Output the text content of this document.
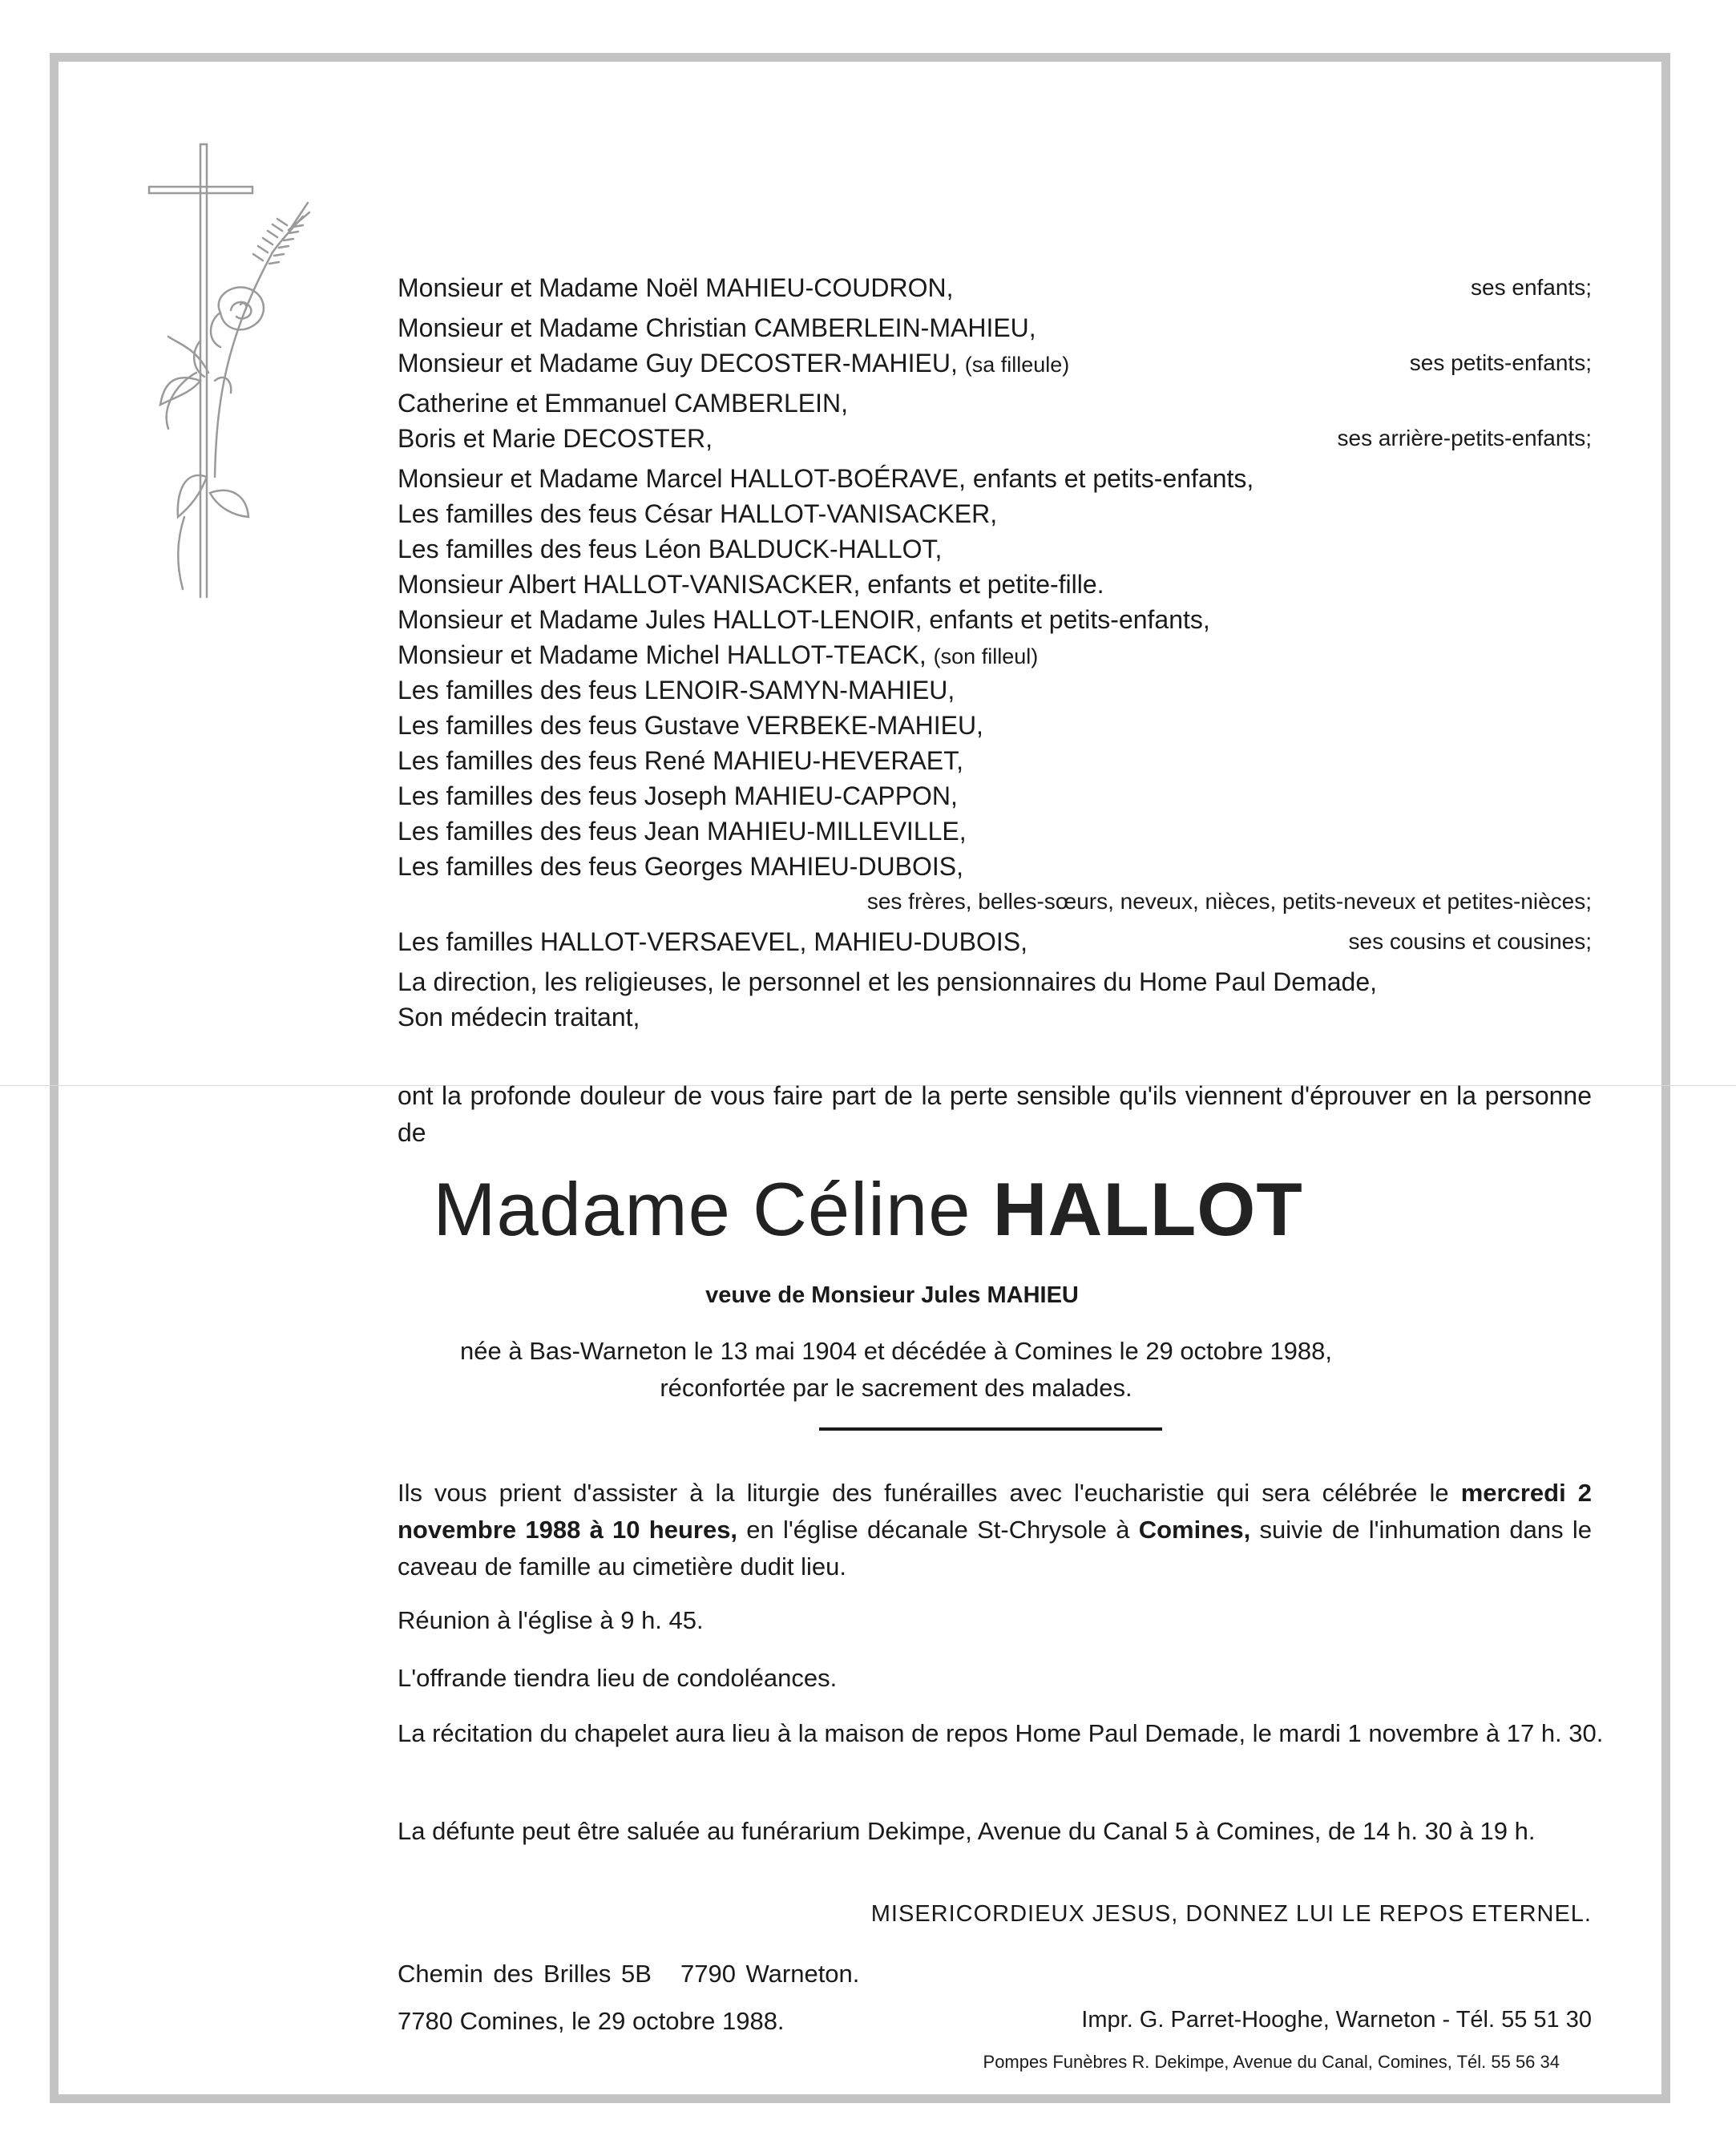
Monsieur et Madame Noël MAHIEU-COUDRON,	ses enfants;
Monsieur et Madame Christian CAMBERLEIN-MAHIEU,
Monsieur et Madame Guy DECOSTER-MAHIEU, (sa filleule)	ses petits-enfants;
Catherine et Emmanuel CAMBERLEIN,
Boris et Marie DECOSTER,	ses arrière-petits-enfants;
Monsieur et Madame Marcel HALLOT-BOÉRAVE, enfants et petits-enfants,
Les familles des feus César HALLOT-VANISACKER,
Les familles des feus Léon BALDUCK-HALLOT,
Monsieur Albert HALLOT-VANISACKER, enfants et petite-fille.
Monsieur et Madame Jules HALLOT-LENOIR, enfants et petits-enfants,
Monsieur et Madame Michel HALLOT-TEACK, (son filleul)
Les familles des feus LENOIR-SAMYN-MAHIEU,
Les familles des feus Gustave VERBEKE-MAHIEU,
Les familles des feus René MAHIEU-HEVERAET,
Les familles des feus Joseph MAHIEU-CAPPON,
Les familles des feus Jean MAHIEU-MILLEVILLE,
Les familles des feus Georges MAHIEU-DUBOIS,
ses frères, belles-sœurs, neveux, nièces, petits-neveux et petites-nièces;
Les familles HALLOT-VERSAEVEL, MAHIEU-DUBOIS,	ses cousins et cousines;
La direction, les religieuses, le personnel et les pensionnaires du Home Paul Demade,
Son médecin traitant,
ont la profonde douleur de vous faire part de la perte sensible qu'ils viennent d'éprouver en la personne de
Madame Céline HALLOT
veuve de Monsieur Jules MAHIEU
née à Bas-Warneton le 13 mai 1904 et décédée à Comines le 29 octobre 1988,
réconfortée par le sacrement des malades.
Ils vous prient d'assister à la liturgie des funérailles avec l'eucharistie qui sera célébrée le mercredi 2 novembre 1988 à 10 heures, en l'église décanale St-Chrysole à Comines, suivie de l'inhumation dans le caveau de famille au cimetière dudit lieu.
Réunion à l'église à 9 h. 45.
L'offrande tiendra lieu de condoléances.
La récitation du chapelet aura lieu à la maison de repos Home Paul Demade, le mardi 1 novembre à 17 h. 30.
La défunte peut être saluée au funérarium Dekimpe, Avenue du Canal 5 à Comines, de 14 h. 30 à 19 h.
MISERICORDIEUX JESUS, DONNEZ LUI LE REPOS ETERNEL.
Chemin des Brilles 5B 7790 Warneton.
7780 Comines, le 29 octobre 1988.	Impr. G. Parret-Hooghe, Warneton - Tél. 55 51 30
Pompes Funèbres R. Dekimpe, Avenue du Canal, Comines, Tél. 55 56 34
